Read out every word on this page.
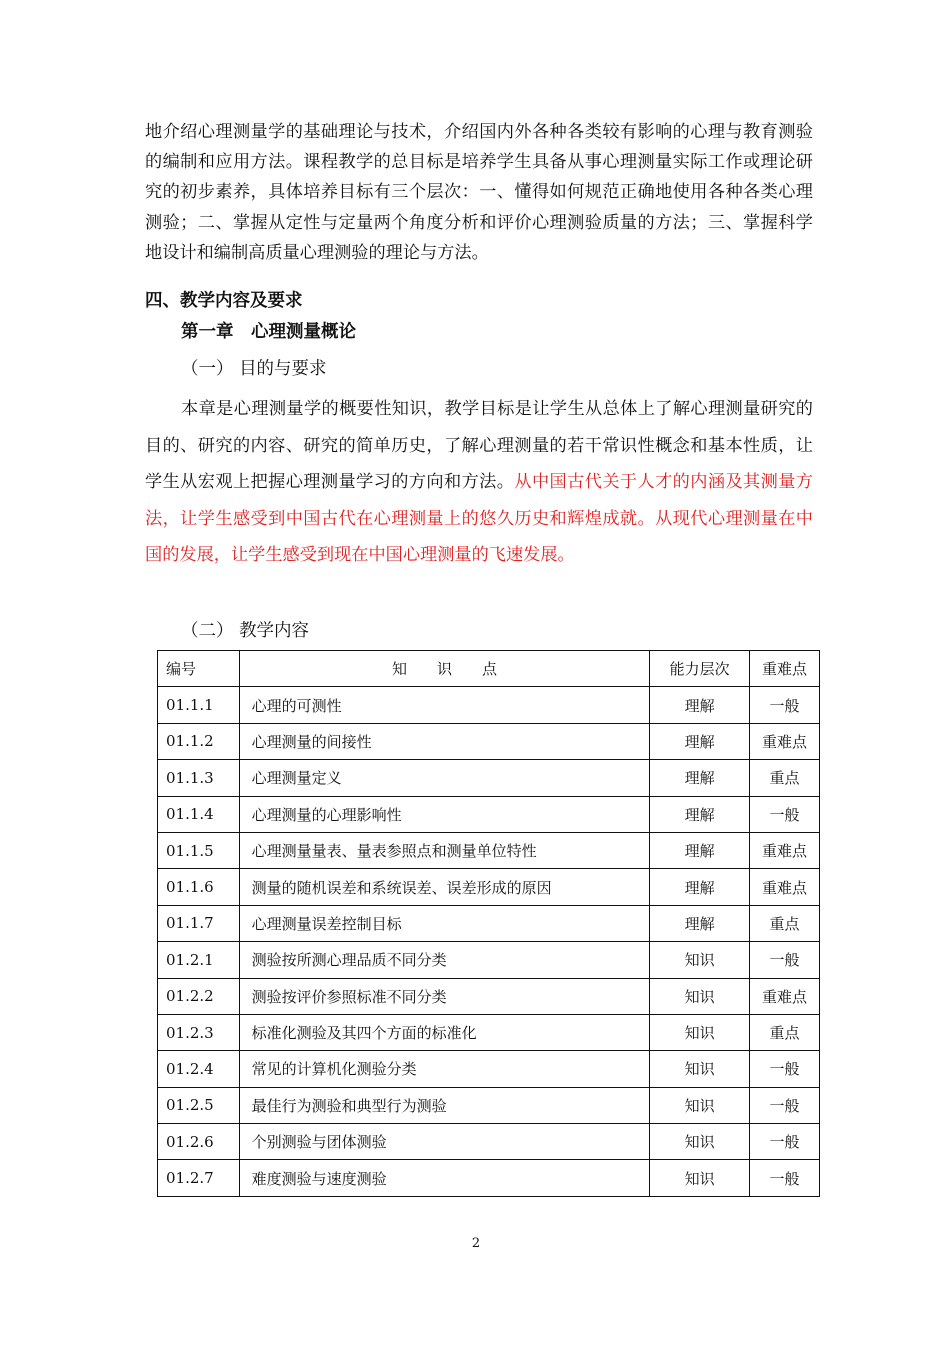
地介绍心理测量学的基础理论与技术，介绍国内外各种各类较有影响的心理与教育测验的编制和应用方法。课程教学的总目标是培养学生具备从事心理测量实际工作或理论研究的初步素养，具体培养目标有三个层次：一、懂得如何规范正确地使用各种各类心理测验；二、掌握从定性与定量两个角度分析和评价心理测验质量的方法；三、掌握科学地设计和编制高质量心理测验的理论与方法。

四、教学内容及要求

第一章　心理测量概论

（一） 目的与要求

本章是心理测量学的概要性知识，教学目标是让学生从总体上了解心理测量研究的目的、研究的内容、研究的简单历史，了解心理测量的若干常识性概念和基本性质，让学生从宏观上把握心理测量学习的方向和方法。从中国古代关于人才的内涵及其测量方法，让学生感受到中国古代在心理测量上的悠久历史和辉煌成就。从现代心理测量在中国的发展，让学生感受到现在中国心理测量的飞速发展。

（二） 教学内容

编号	知　　识　　点	能力层次	重难点
01.1.1	心理的可测性	理解	一般
01.1.2	心理测量的间接性	理解	重难点
01.1.3	心理测量定义	理解	重点
01.1.4	心理测量的心理影响性	理解	一般
01.1.5	心理测量量表、量表参照点和测量单位特性	理解	重难点
01.1.6	测量的随机误差和系统误差、误差形成的原因	理解	重难点
01.1.7	心理测量误差控制目标	理解	重点
01.2.1	测验按所测心理品质不同分类	知识	一般
01.2.2	测验按评价参照标准不同分类	知识	重难点
01.2.3	标准化测验及其四个方面的标准化	知识	重点
01.2.4	常见的计算机化测验分类	知识	一般
01.2.5	最佳行为测验和典型行为测验	知识	一般
01.2.6	个别测验与团体测验	知识	一般
01.2.7	难度测验与速度测验	知识	一般

2
